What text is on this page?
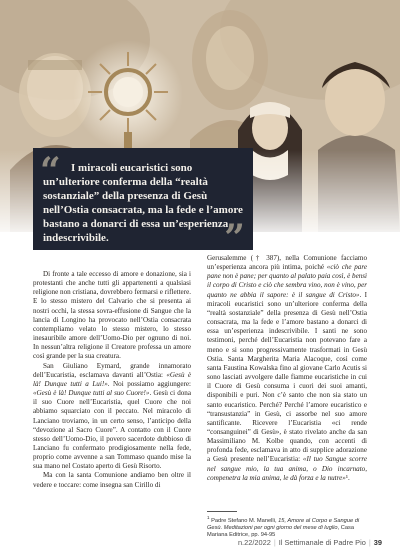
“ I miracoli eucaristici sono un’ulteriore conferma della “realtà sostanziale” della presenza di Gesù nell’Ostia consacrata, ma la fede e l’amore bastano a donarci di essa un’esperienza indescrivibile.	”

Di fronte a tale eccesso di amore e donazione, sia i protestanti che anche tutti gli appartenenti a qualsiasi religione non cristiana, dovrebbero fermarsi e riflettere. E lo stesso mistero del Calvario che si presenta ai nostri occhi, la stessa sovra-effusione di Sangue che la lancia di Longino ha provocato nell’Ostia consacrata contempliamo velato lo stesso mistero, lo stesso inesauribile amore dell’Uomo-Dio per ognuno di noi. In nessun’altra religione il Creatore professa un amore così grande per la sua creatura.

San Giuliano Eymard, grande innamorato dell’Eucaristia, esclamava davanti all’Ostia: «Gesù è là! Dunque tutti a Lui!». Noi possiamo aggiungere: «Gesù è là! Dunque tutti al suo Cuore!». Gesù ci dona il suo Cuore nell’Eucaristia, quel Cuore che noi abbiamo squarciato con il peccato. Nel miracolo di Lanciano troviamo, in un certo senso, l’anticipo della “devozione al Sacro Cuore”. A contatto con il Cuore stesso dell’Uomo-Dio, il povero sacerdote dubbioso di Lanciano fu confermato prodigiosamente nella fede, proprio come avvenne a san Tommaso quando mise la sua mano nel Costato aperto di Gesù Risorto.

Ma con la santa Comunione andiamo ben oltre il vedere e toccare: come insegna san Cirillo di

Gerusalemme († 387), nella Comunione facciamo un’esperienza ancora più intima, poiché «ciò che pare pane non è pane; per quanto al palato paia così, è bensì il corpo di Cristo e ciò che sembra vino, non è vino, per quanto ne abbia il sapore: è il sangue di Cristo». I miracoli eucaristici sono un’ulteriore conferma della “realtà sostanziale” della presenza di Gesù nell’Ostia consacrata, ma la fede e l’amore bastano a donarci di essa un’esperienza indescrivibile. I santi ne sono testimoni, perché dell’Eucaristia non potevano fare a meno e si sono progressivamente trasformati in Gesù Ostia. Santa Margherita Maria Alacoque, così come santa Faustina Kowalska fino al giovane Carlo Acutis si sono lasciati avvolgere dalle fiamme eucaristiche in cui il Cuore di Gesù consuma i cuori dei suoi amanti, disponibili e puri. Non c’è santo che non sia stato un santo eucaristico. Perché? Perché l’amore eucaristico e “transustanzia” in Gesù, ci assorbe nel suo amore santificante. Ricevere l’Eucaristia «ci rende “consanguinei” di Gesù», è stato rivelato anche da san Massimiliano M. Kolbe quando, con accenti di profonda fede, esclamava in atto di supplice adorazione a Gesù presente nell’Eucaristia: «Il tuo Sangue scorre nel sangue mio, la tua anima, o Dio incarnato, compenetra la mia anima, le dà forza e la nutre»¹.

$^1$ Padre Stefano M. Manelli, 15, Amore al Corpo e Sangue di Gesù. Meditazioni per ogni giorno del mese di luglio, Casa Mariana Editrice, pp. 94-95
n.22/2022 | Il Settimanale di Padre Pio | 39
